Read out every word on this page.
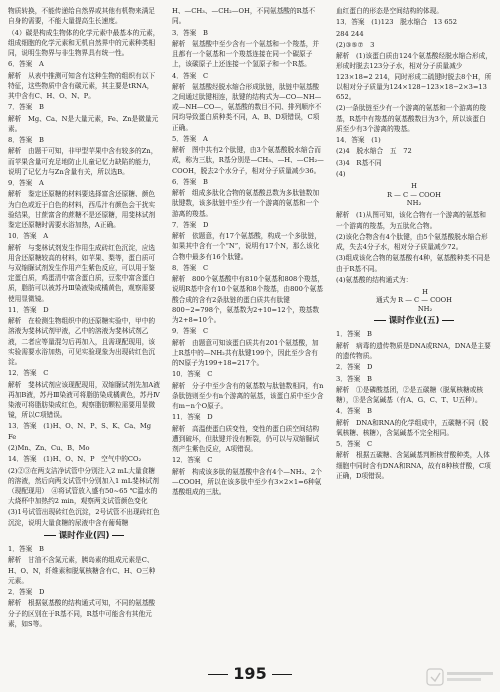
物质转换，不能传递给自然界或其他有机物来满足自身的需要，不能大量提高生长速度。

（4）碳是构成生物体的化学元素中最基本的元素，组成细胞的化学元素和无机自然界中的元素种类相同，说明生物界与非生物界具有统一性。

6．答案　A

解析　从表中推测可知含有这种生物的组织有以下特征，这些物质中含有碳元素，其主要是tRNA，其中含有C、H、O、N、P。

7．答案　B

解析　Mg、Ca、N是大量元素，Fe、Zn是微量元素。

8．答案　B

解析　由题干可知，非甲型苹果中含有较多的Zn，而苹果含量可充足地防止儿童记忆力缺陷的能力，说明了记忆力与Zn含量有关，所以选B。

9．答案　A

解析　鉴定还原糖的材料要选择富含还原糖、颜色为白色或近于白色的材料，西瓜汁有颜色会干扰实验结果，甘蔗富含的蔗糖不是还原糖，用斐林试剂鉴定还原糖时需要水浴加热，A正确。

10．答案　A

解析　与斐林试剂发生作用生成砖红色沉淀，应选用含还原糖较高的材料，如苹果、梨等，蛋白质可与双缩脲试剂发生作用产生紫色反应，可以用于鉴定蛋白质，鸡蛋清中富含蛋白质，豆浆中富含蛋白质，脂肪可以被苏丹Ⅲ染液染成橘黄色，观察需要使用显微镜。

11．答案　D

解析　在检测生物组织中的还原糖实验中，甲中的溶液为斐林试剂甲液，乙中的溶液为斐林试剂乙液，二者应等量混匀后再加入，且需现配现用，该实验需要水浴加热，可见实验现象为出现砖红色沉淀。

12．答案　C

解析　斐林试剂应该现配现用，双缩脲试剂先加A液再加B液，苏丹Ⅲ染液可将脂肪染成橘黄色，苏丹Ⅳ染液可将脂肪染成红色，观察脂肪颗粒需要用显微镜，所以C项错误。

13．答案　(1)H、O、N、P、S、K、Ca、Mg　Fe

(2)Mn、Zn、Cu、B、Mo

14．答案　(1)H、O、N、P　空气中的CO₂

(2)②③在两支洁净试管中分别注入2 mL大量食糖的溶液，然后向两支试管中分别加入1 mL斐林试剂（现配现用）　④将试管放入盛有50~65 ℃温水的大烧杯中加热约2 min，观察两支试管颜色变化

(3)1号试管出现砖红色沉淀，2号试管不出现砖红色沉淀，说明大量食糖的尿液中含有葡萄糖

课时作业(四)

1．答案　B

解析　甘油不含氮元素，胰岛素的组成元素是C、H、O、N，纤维素和脱氧核糖含有C、H、O三种元素。

2．答案　D

解析　根据氨基酸的结构通式可知，不同的氨基酸分子的区别在于R基不同，R基中可能含有其他元素，如S等。

H、—CH₃、—CH₂—OH，不同氨基酸的R基不同。

3．答案　B

解析　氨基酸中至少含有一个氨基和一个羧基，并且都有一个氨基和一个羧基连接在同一个碳原子上，该碳原子上还连接一个氢原子和一个R基。

4．答案　C

解析　氨基酸经脱水缩合形成肽链，肽链中氨基酸之间通过肽键相连，肽键的结构式为—CO—NH—或—NH—CO—，氨基酸的数目不同、排列顺序不同均导致蛋白质种类不同，A、B、D项错误，C项正确。

5．答案　A

解析　图中共有2个肽键，由3个氨基酸脱水缩合而成，称为三肽，R基分别是—CH₃、—H、—CH₂—COOH，脱去2个水分子，相对分子质量减少36。

6．答案　B

解析　组成多肽化合物的氨基酸总数为多肽链数加肽键数，该多肽链中至少有一个游离的氨基和一个游离的羧基。

7．答案　D

解析　依题意，有17个氨基酸，构成一个多肽链，如果其中含有一个“N”，说明有17个N，那么该化合物中最多有16个肽键。

8．答案　C

解析　800个氨基酸中有810个氨基和808个羧基，说明R基中含有10个氨基和8个羧基，由800个氨基酸合成的含有2条肽链的蛋白质共有肽键800−2=798个，氨基数为2+10=12个，羧基数为2+8=10个。

9．答案　C

解析　由题意可知该蛋白质共有201个氨基酸，加上R基中的—NH₂共有肽键199个，因此至少含有的N原子为199+18=217个。

10．答案　C

解析　分子中至少含有的氨基数与肽链数相同，有n条肽链则至少有n个游离的氨基，该蛋白质中至少含有m−n个O原子。

11．答案　D

解析　高温使蛋白质变性，变性的蛋白质空间结构遭到破坏，但肽键并没有断裂，仍可以与双缩脲试剂产生紫色反应，A项错误。

12．答案　C

解析　构成该多肽的氨基酸中含有4个—NH₂、2个—COOH，所以在该多肽中至少有3×2×1=6种氨基酸组成的三肽。

血红蛋白的形态是空间结构的体现。

13．答案　(1)123　脱水缩合　13 652

284 244

(2)③⑤⑦　3

解析　(1)该蛋白质由124个氨基酸经脱水缩合形成，形成时脱去123分子水，相对分子质量减少123×18=2 214，同时形成二硫键时脱去8个H，所以相对分子质量为124×128−123×18−2×3=13 652。

(2)一条肽链至少有一个游离的氨基和一个游离的羧基，R基中有羧基的氨基酸数目为3个，所以该蛋白质至少有3个游离的羧基。

14．答案　(1)

(2)4　脱水缩合　五　72

(3)4　R基不同

(4)

H
R — C — COOH
NH₂

解析　(1)从图可知，该化合物有一个游离的氨基和一个游离的羧基，为五肽化合物。

(2)该化合物含有4个肽键，由5个氨基酸脱水缩合形成，失去4分子水，相对分子质量减少72。

(3)组成该化合物的氨基酸有4种，氨基酸种类不同是由于R基不同。

(4)氨基酸的结构通式为：

	H
通式为	R — C — COOH
	NH₂
课时作业(五)

1．答案　B

解析　病毒的遗传物质是DNA或RNA，DNA是主要的遗传物质。

2．答案　D

3．答案　B

解析　①是磷酸基团，②是五碳糖（脱氧核糖或核糖），③是含氮碱基（有A、G、C、T、U五种）。

4．答案　B

解析　DNA和RNA的化学组成中，五碳糖不同（脱氧核糖、核糖），含氮碱基不完全相同。

5．答案　C

解析　根据五碳糖、含氮碱基判断核苷酸种类，人体细胞中同时含有DNA和RNA，故有8种核苷酸，C项正确，D项错误。

195
